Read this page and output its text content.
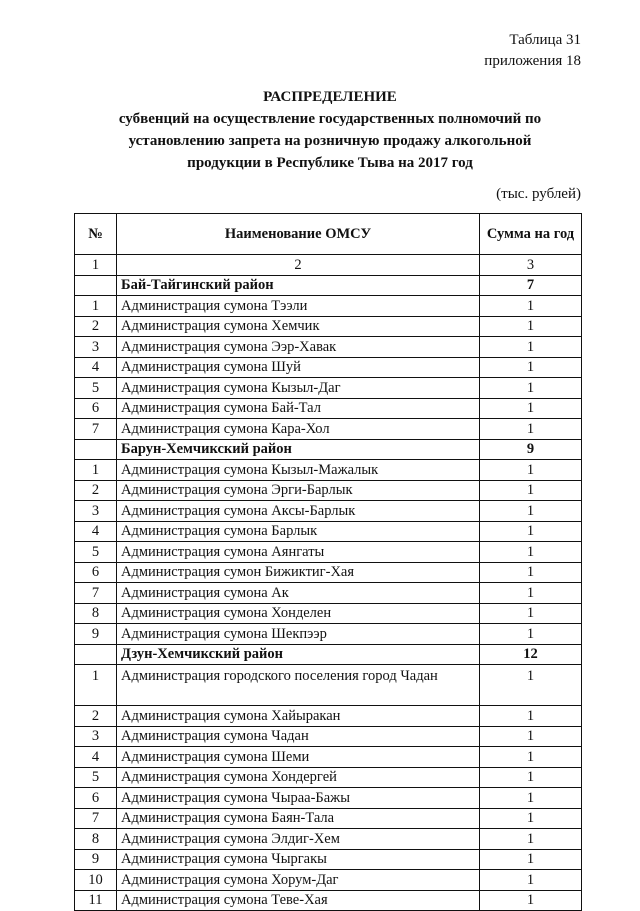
Таблица 31
приложения 18
РАСПРЕДЕЛЕНИЕ
субвенций на осуществление государственных полномочий по
установлению запрета на розничную продажу алкогольной
продукции в Республике Тыва на 2017 год
(тыс. рублей)
№	Наименование ОМСУ	Сумма на год
1	2	3
	Бай-Тайгинский район	7
1	Администрация сумона Тээли	1
2	Администрация сумона Хемчик	1
3	Администрация сумона Ээр-Хавак	1
4	Администрация сумона Шуй	1
5	Администрация сумона Кызыл-Даг	1
6	Администрация сумона Бай-Тал	1
7	Администрация сумона Кара-Хол	1
	Барун-Хемчикский район	9
1	Администрация сумона Кызыл-Мажалык	1
2	Администрация сумона Эрги-Барлык	1
3	Администрация сумона Аксы-Барлык	1
4	Администрация сумона Барлык	1
5	Администрация сумона Аянгаты	1
6	Администрация сумон Бижиктиг-Хая	1
7	Администрация сумона Ак	1
8	Администрация сумона Хонделен	1
9	Администрация сумона Шекпээр	1
	Дзун-Хемчикский район	12
1	Администрация городского поселения город Чадан	1
2	Администрация сумона Хайыракан	1
3	Администрация сумона Чадан	1
4	Администрация сумона Шеми	1
5	Администрация сумона Хондергей	1
6	Администрация сумона Чыраа-Бажы	1
7	Администрация сумона Баян-Тала	1
8	Администрация сумона Элдиг-Хем	1
9	Администрация сумона Чыргакы	1
10	Администрация сумона Хорум-Даг	1
11	Администрация сумона Теве-Хая	1
